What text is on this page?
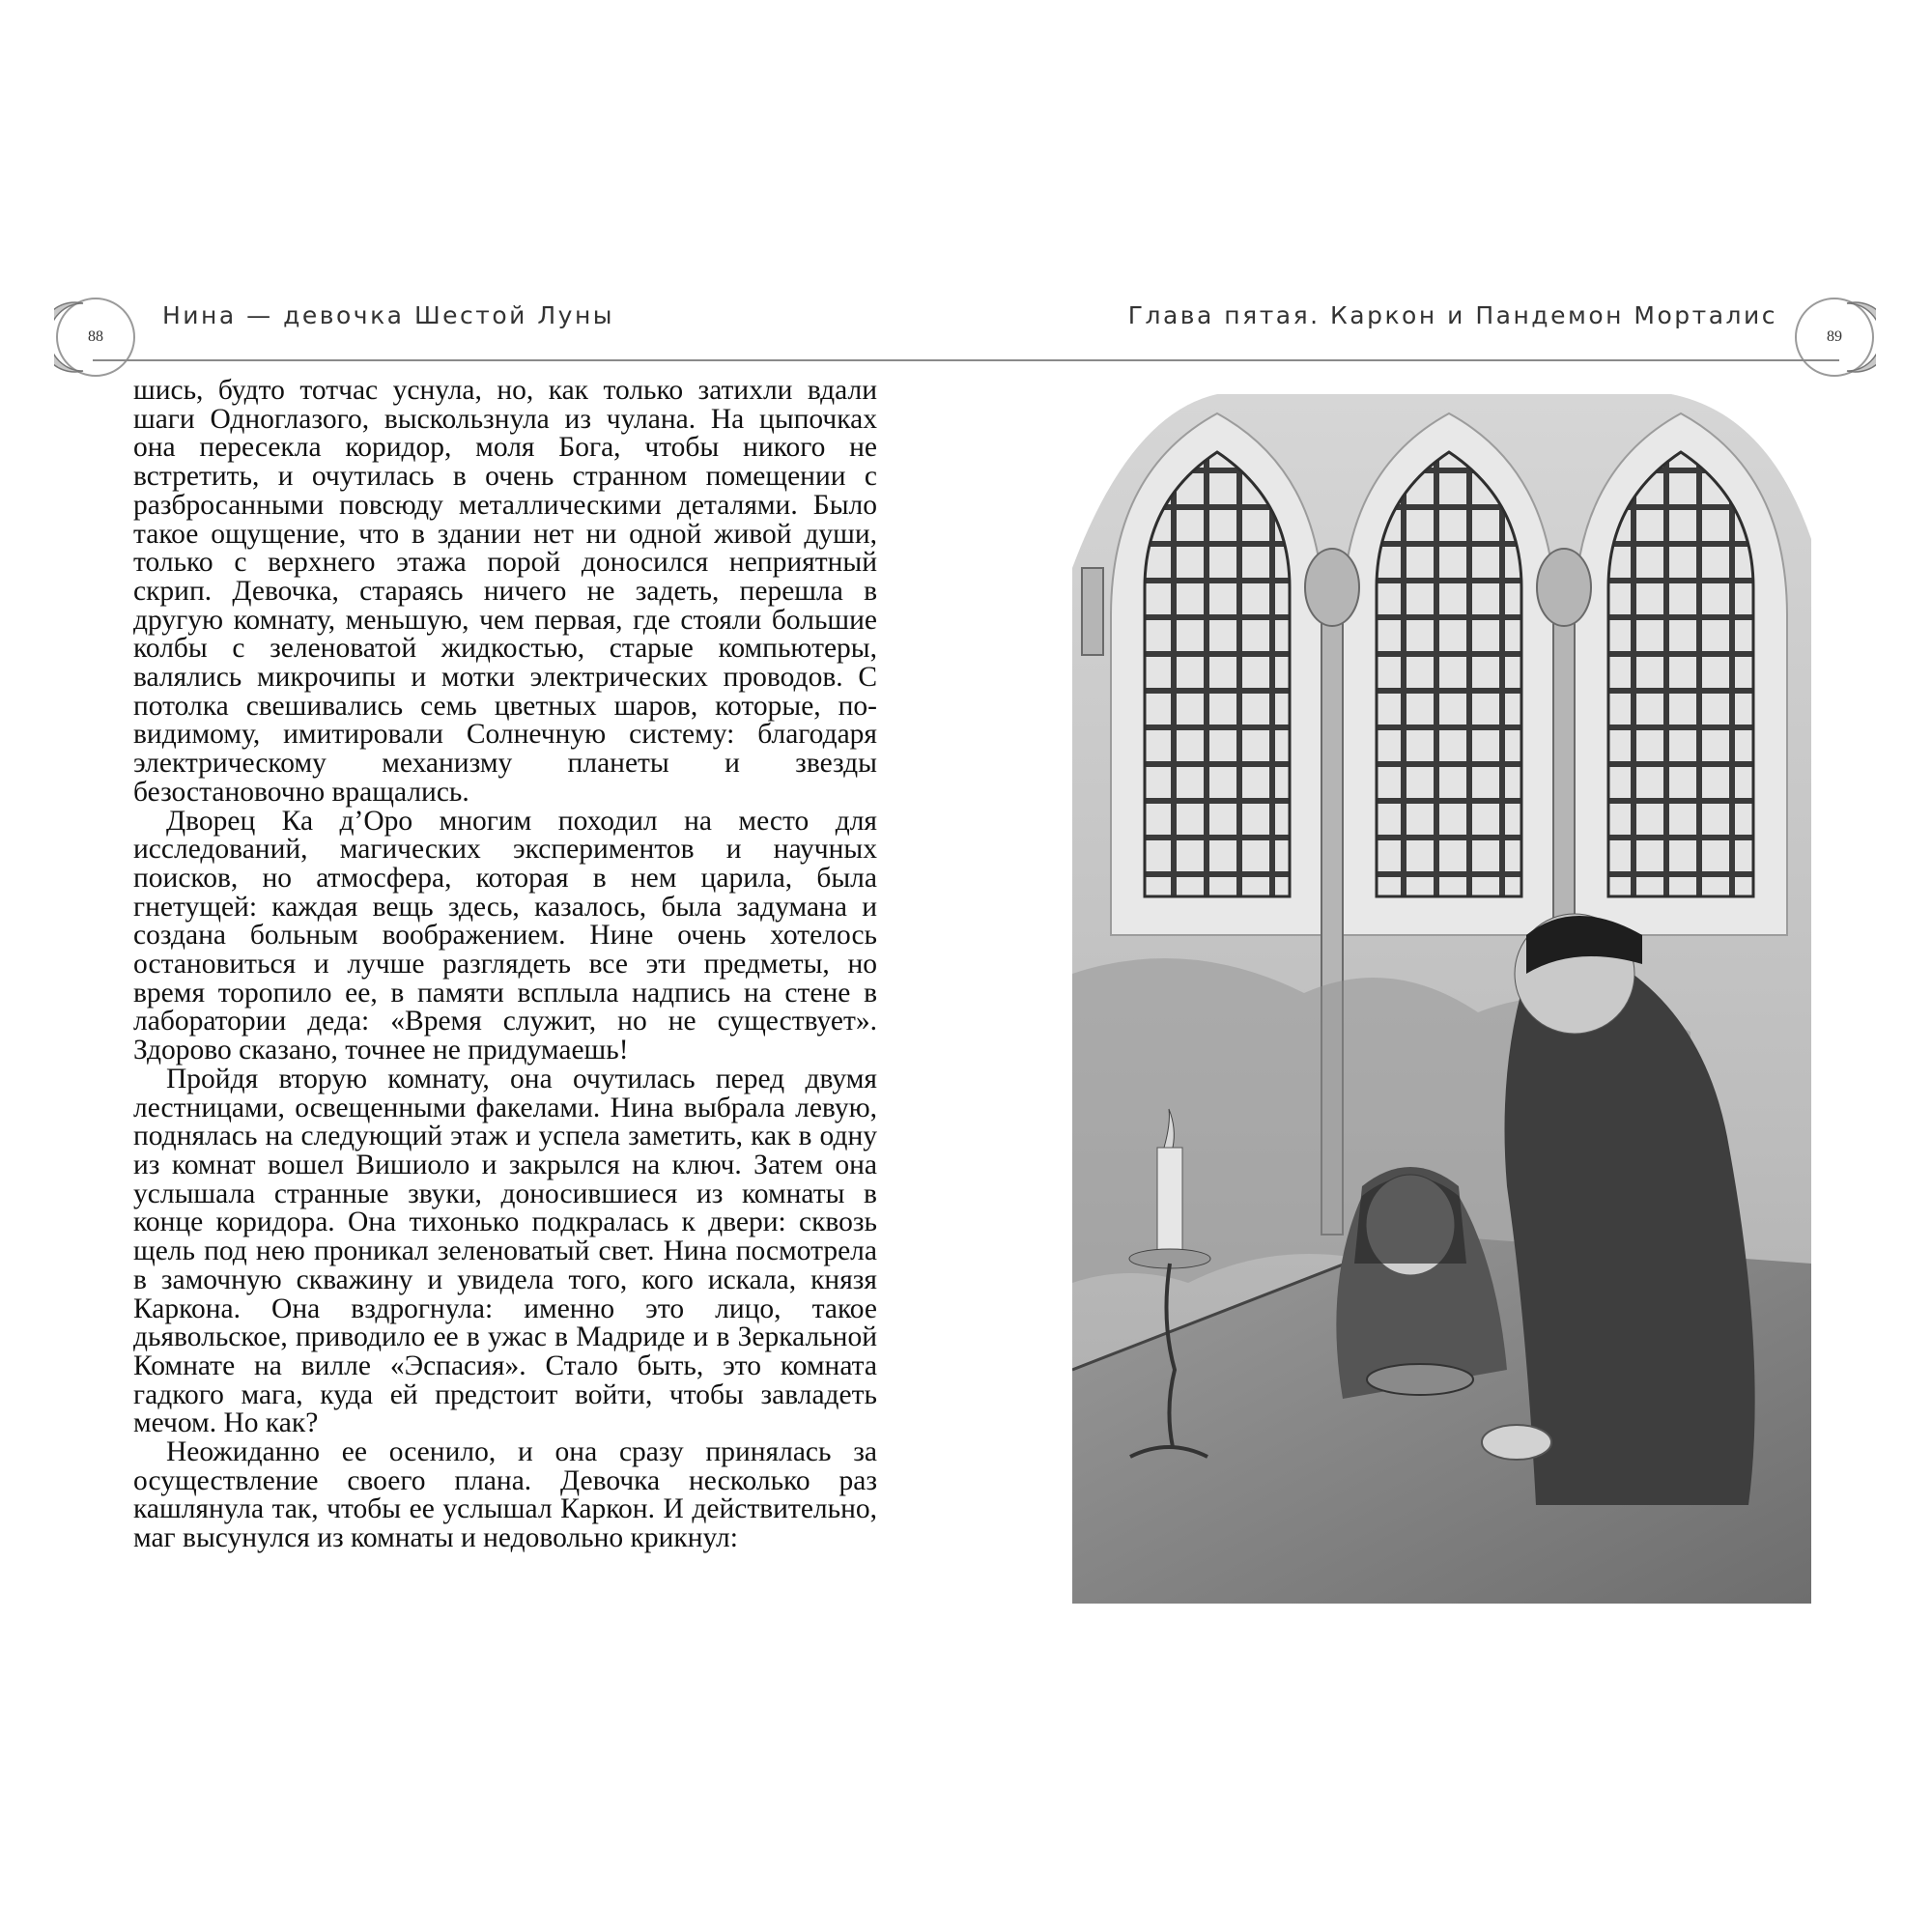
88
Нина — девочка Шестой Луны	Глава пятая. Каркон и Пандемон Морталис
89

шись, будто тотчас уснула, но, как только затихли вдали шаги Одноглазого, выскользнула из чулана. На цыпочках она пересекла коридор, моля Бога, чтобы никого не встретить, и очутилась в очень странном помещении с разбросанными повсюду металлическими деталями. Было такое ощущение, что в здании нет ни одной живой души, только с верхнего этажа порой доносился неприятный скрип. Девочка, стараясь ничего не задеть, перешла в другую комнату, меньшую, чем первая, где стояли большие колбы с зеленоватой жидкостью, старые компьютеры, валялись микрочипы и мотки электрических проводов. С потолка свешивались семь цветных шаров, которые, по-видимому, имитировали Солнечную систему: благодаря электрическому механизму планеты и звезды безостановочно вращались.

Дворец Ка д’Оро многим походил на место для исследований, магических экспериментов и научных поисков, но атмосфера, которая в нем царила, была гнетущей: каждая вещь здесь, казалось, была задумана и создана больным воображением. Нине очень хотелось остановиться и лучше разглядеть все эти предметы, но время торопило ее, в памяти всплыла надпись на стене в лаборатории деда: «Время служит, но не существует». Здорово сказано, точнее не придумаешь!

Пройдя вторую комнату, она очутилась перед двумя лестницами, освещенными факелами. Нина выбрала левую, поднялась на следующий этаж и успела заметить, как в одну из комнат вошел Вишиоло и закрылся на ключ. Затем она услышала странные звуки, доносившиеся из комнаты в конце коридора. Она тихонько подкралась к двери: сквозь щель под нею проникал зеленоватый свет. Нина посмотрела в замочную скважину и увидела того, кого искала, князя Каркона. Она вздрогнула: именно это лицо, такое дьявольское, приводило ее в ужас в Мадриде и в Зеркальной Комнате на вилле «Эспасия». Стало быть, это комната гадкого мага, куда ей предстоит войти, чтобы завладеть мечом. Но как?

Неожиданно ее осенило, и она сразу принялась за осуществление своего плана. Девочка несколько раз кашлянула так, чтобы ее услышал Каркон. И действительно, маг высунулся из комнаты и недовольно крикнул:
